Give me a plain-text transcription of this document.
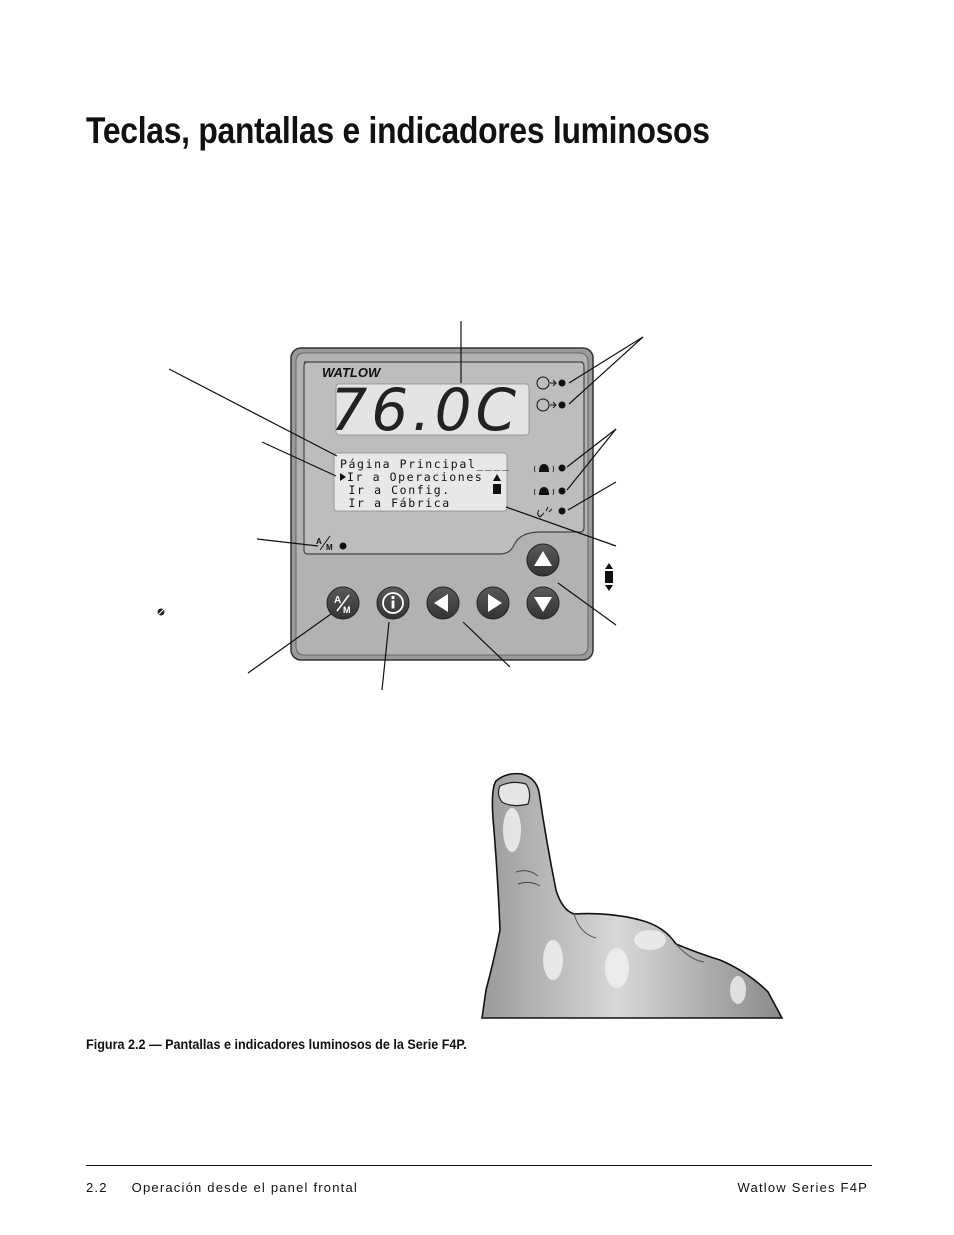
Teclas, pantallas e indicadores luminosos
WATLOW
76.0C
Página Principal____
Ir a Operaciones
Ir a Config.
Ir a Fábrica
A
M
A
M
Figura 2.2 — Pantallas e indicadores luminosos de la Serie F4P.
2.2 Operación desde el panel frontal	Watlow Series F4P
